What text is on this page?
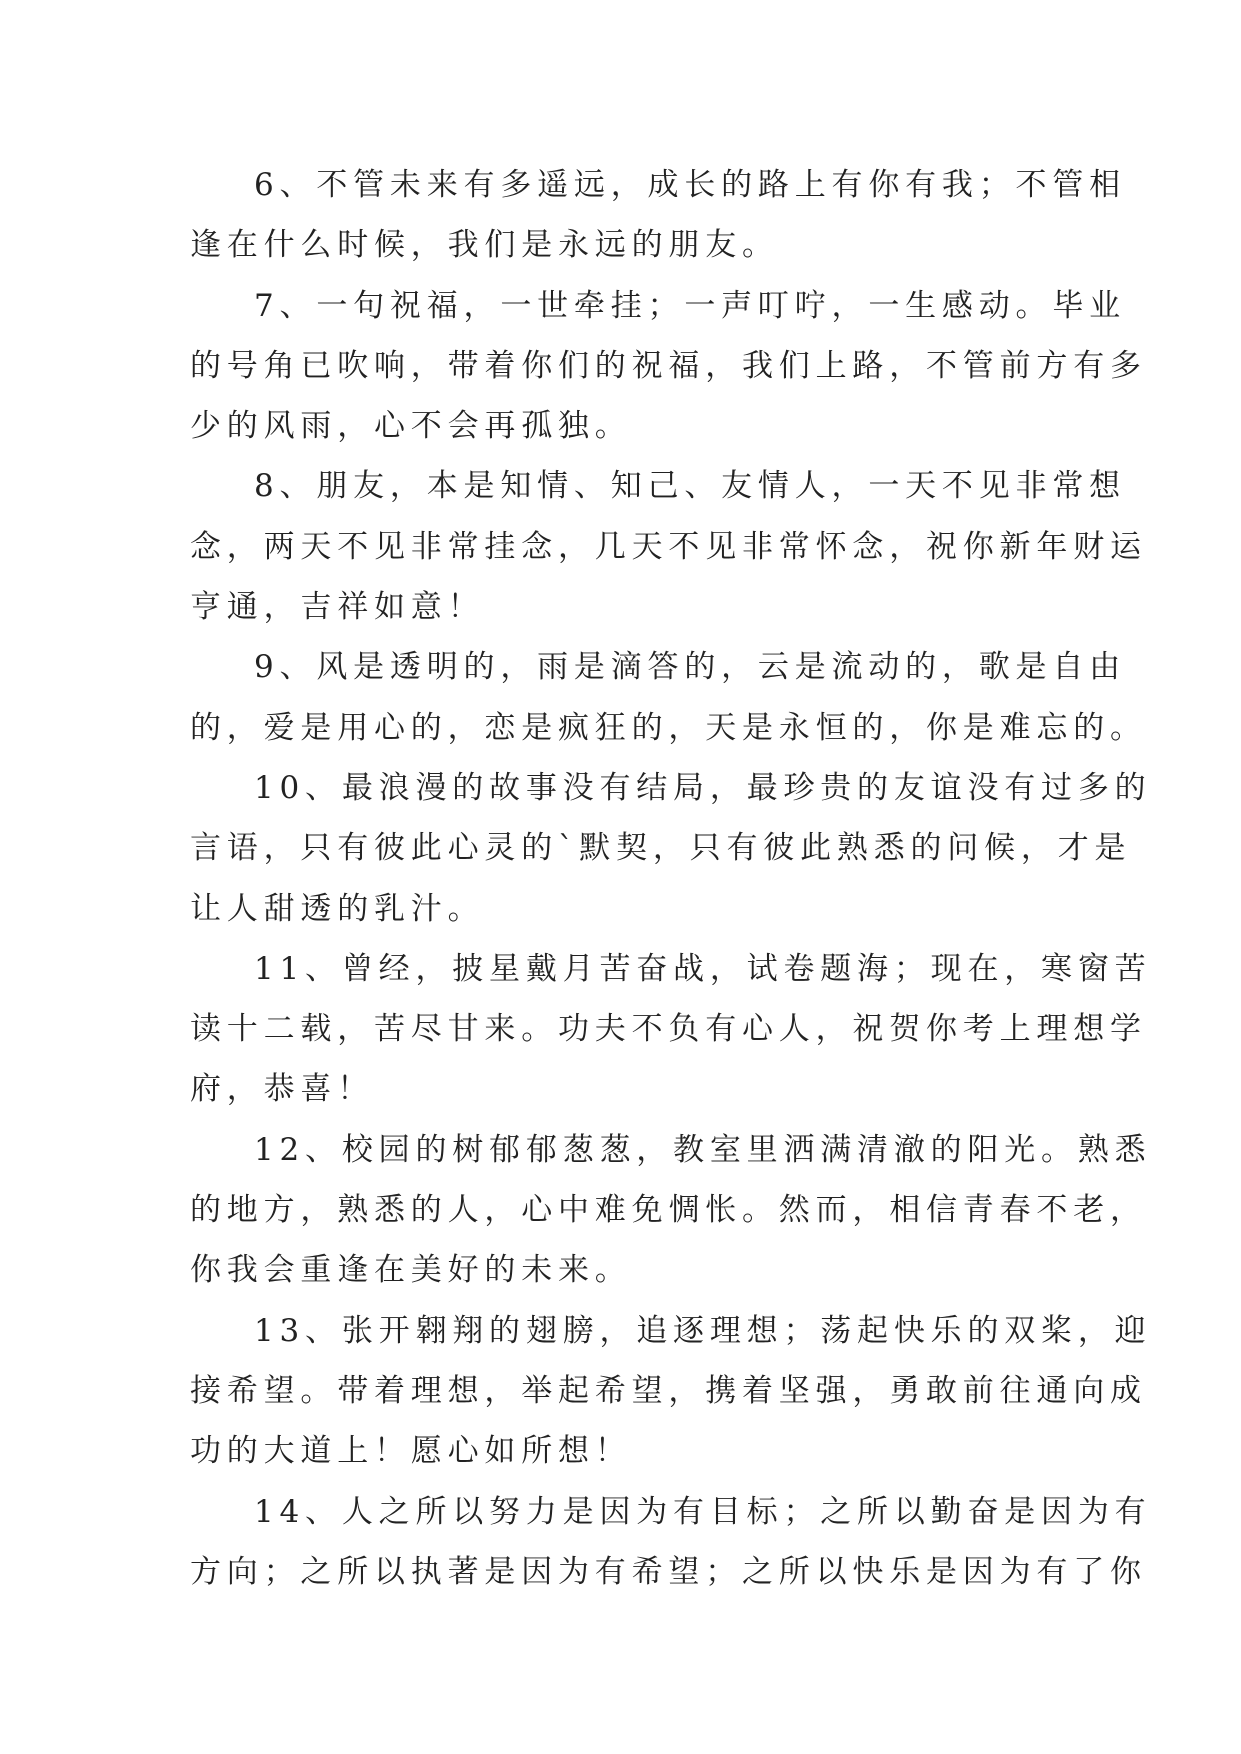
6、不管未来有多遥远，成长的路上有你有我；不管相
逢在什么时候，我们是永远的朋友。
7、一句祝福，一世牵挂；一声叮咛，一生感动。毕业
的号角已吹响，带着你们的祝福，我们上路，不管前方有多
少的风雨，心不会再孤独。
8、朋友，本是知情、知己、友情人，一天不见非常想
念，两天不见非常挂念，几天不见非常怀念，祝你新年财运
亨通，吉祥如意！
9、风是透明的，雨是滴答的，云是流动的，歌是自由
的，爱是用心的，恋是疯狂的，天是永恒的，你是难忘的。
10、最浪漫的故事没有结局，最珍贵的友谊没有过多的
言语，只有彼此心灵的`默契，只有彼此熟悉的问候，才是
让人甜透的乳汁。
11、曾经，披星戴月苦奋战，试卷题海；现在，寒窗苦
读十二载，苦尽甘来。功夫不负有心人，祝贺你考上理想学
府，恭喜！
12、校园的树郁郁葱葱，教室里洒满清澈的阳光。熟悉
的地方，熟悉的人，心中难免惆怅。然而，相信青春不老，
你我会重逢在美好的未来。
13、张开翱翔的翅膀，追逐理想；荡起快乐的双桨，迎
接希望。带着理想，举起希望，携着坚强，勇敢前往通向成
功的大道上！愿心如所想！
14、人之所以努力是因为有目标；之所以勤奋是因为有
方向；之所以执著是因为有希望；之所以快乐是因为有了你
